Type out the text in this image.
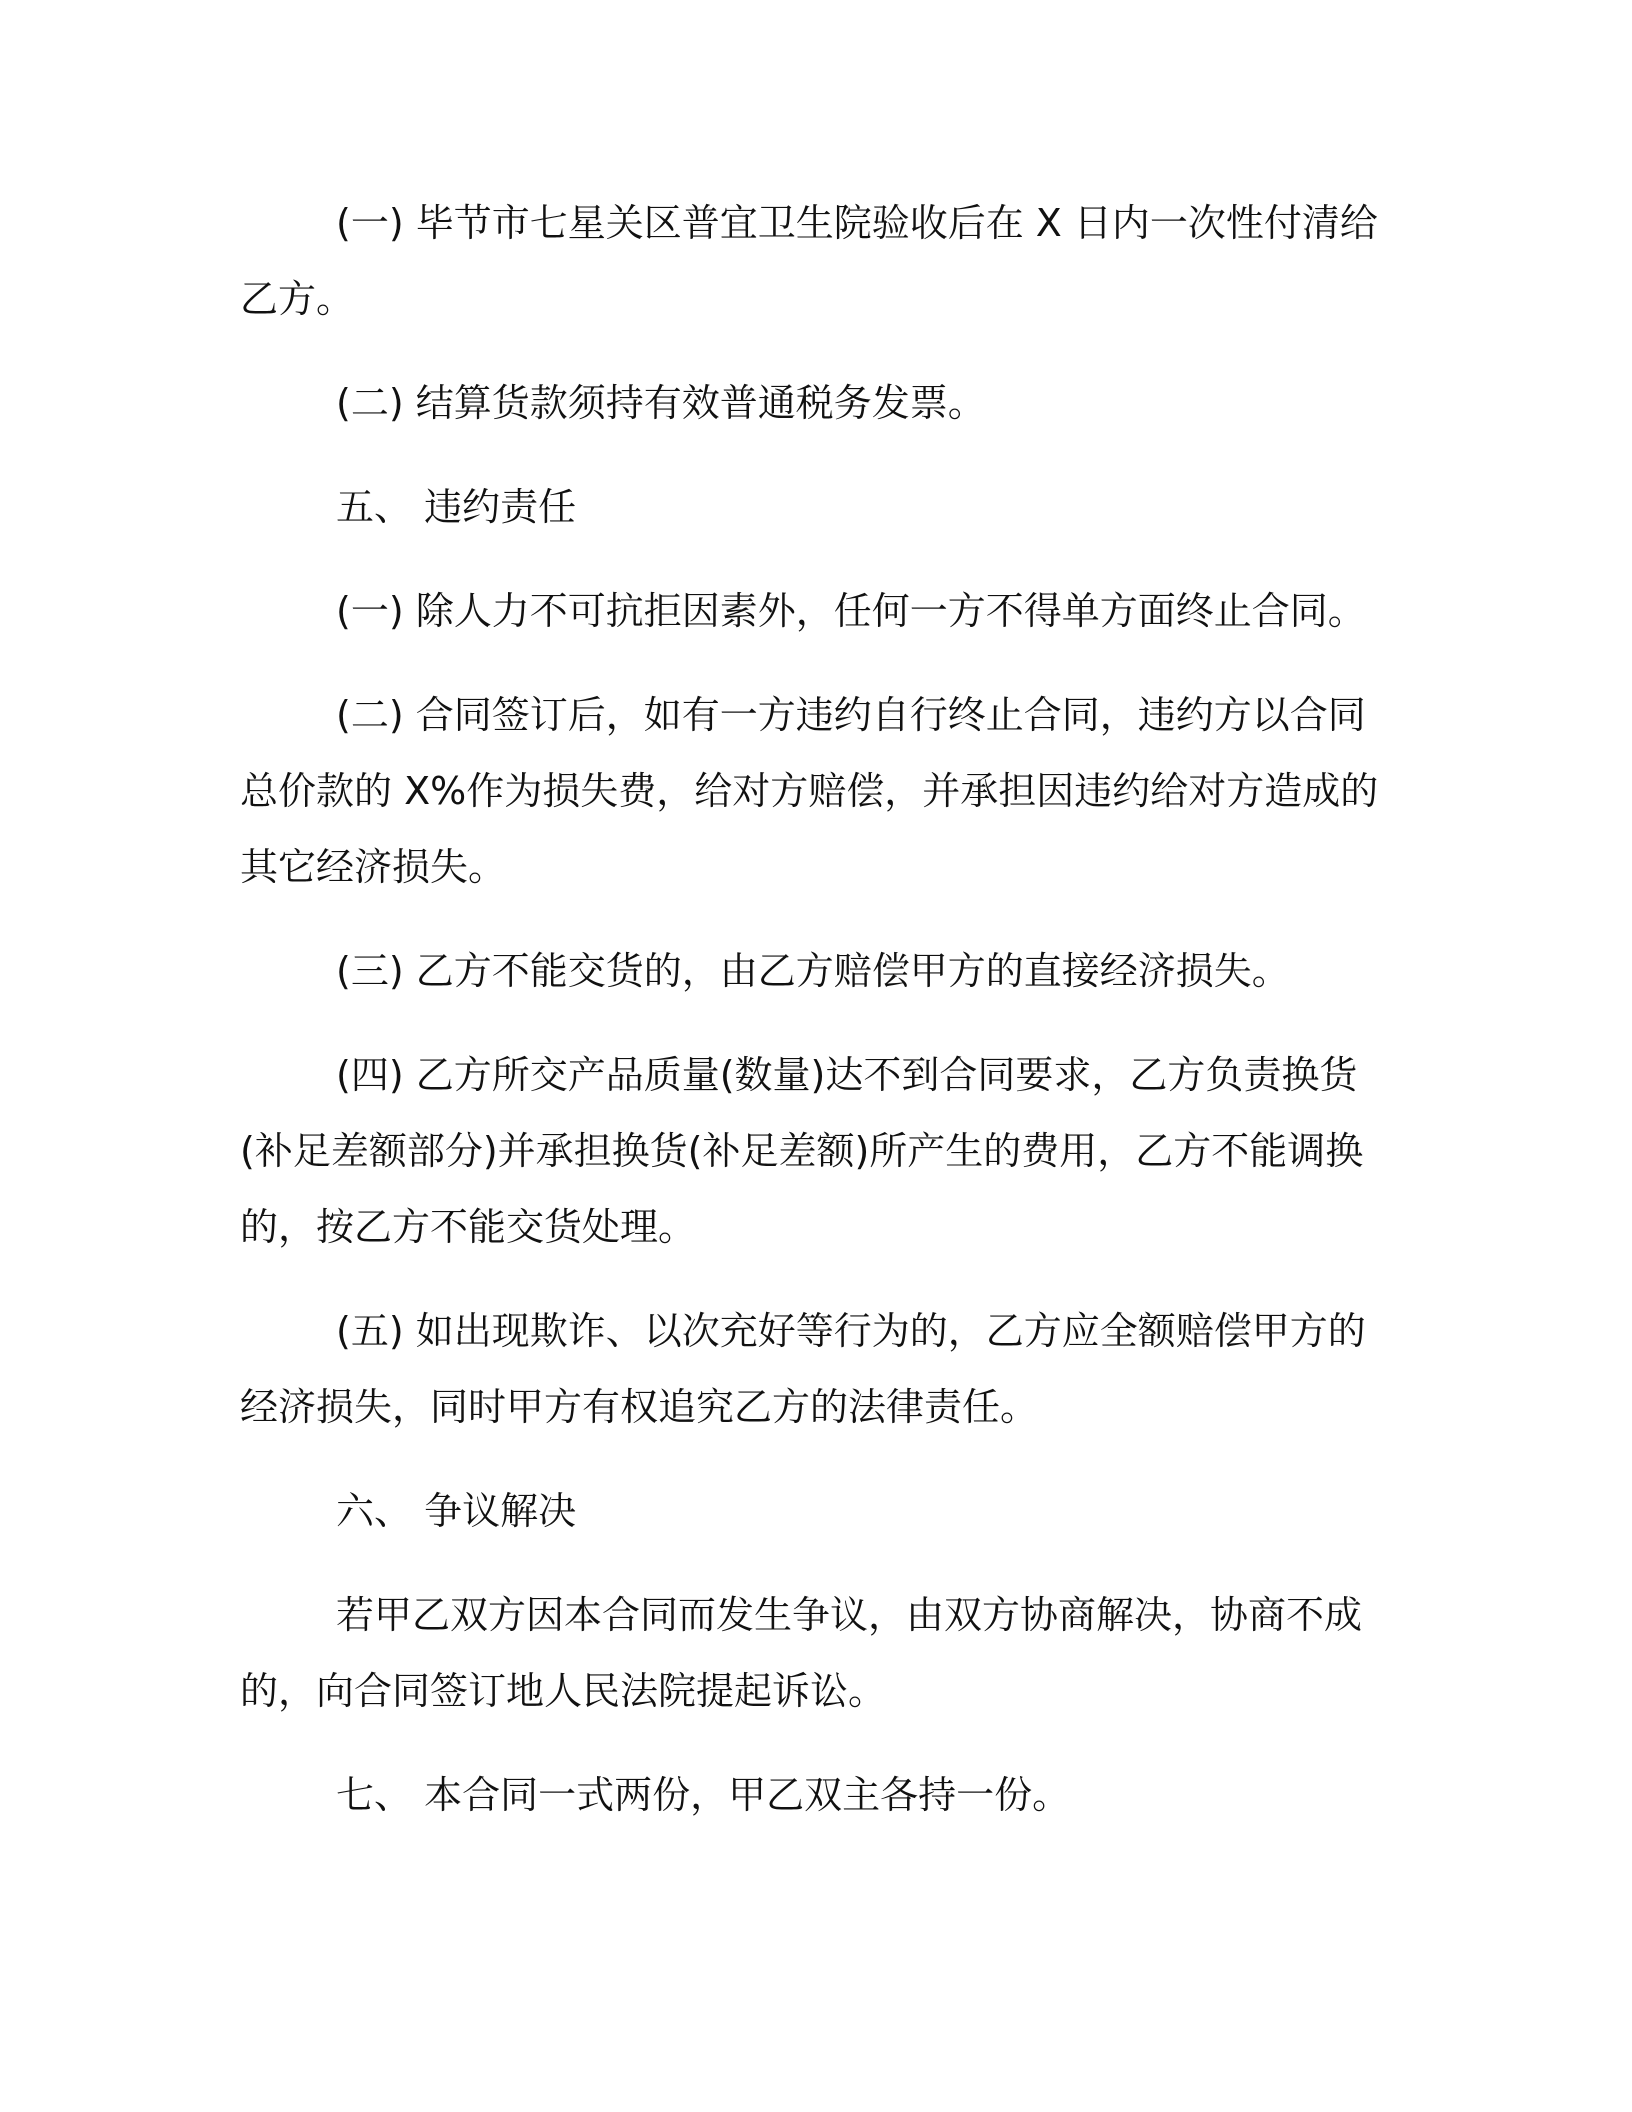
(一) 毕节市七星关区普宜卫生院验收后在 X 日内一次性付清给乙方。

(二) 结算货款须持有效普通税务发票。

五、 违约责任

(一) 除人力不可抗拒因素外，任何一方不得单方面终止合同。

(二) 合同签订后，如有一方违约自行终止合同，违约方以合同总价款的 X%作为损失费，给对方赔偿，并承担因违约给对方造成的其它经济损失。

(三) 乙方不能交货的，由乙方赔偿甲方的直接经济损失。

(四) 乙方所交产品质量(数量)达不到合同要求，乙方负责换货(补足差额部分)并承担换货(补足差额)所产生的费用，乙方不能调换的，按乙方不能交货处理。

(五) 如出现欺诈、以次充好等行为的，乙方应全额赔偿甲方的经济损失，同时甲方有权追究乙方的法律责任。

六、 争议解决

若甲乙双方因本合同而发生争议，由双方协商解决，协商不成的，向合同签订地人民法院提起诉讼。

七、 本合同一式两份，甲乙双主各持一份。
